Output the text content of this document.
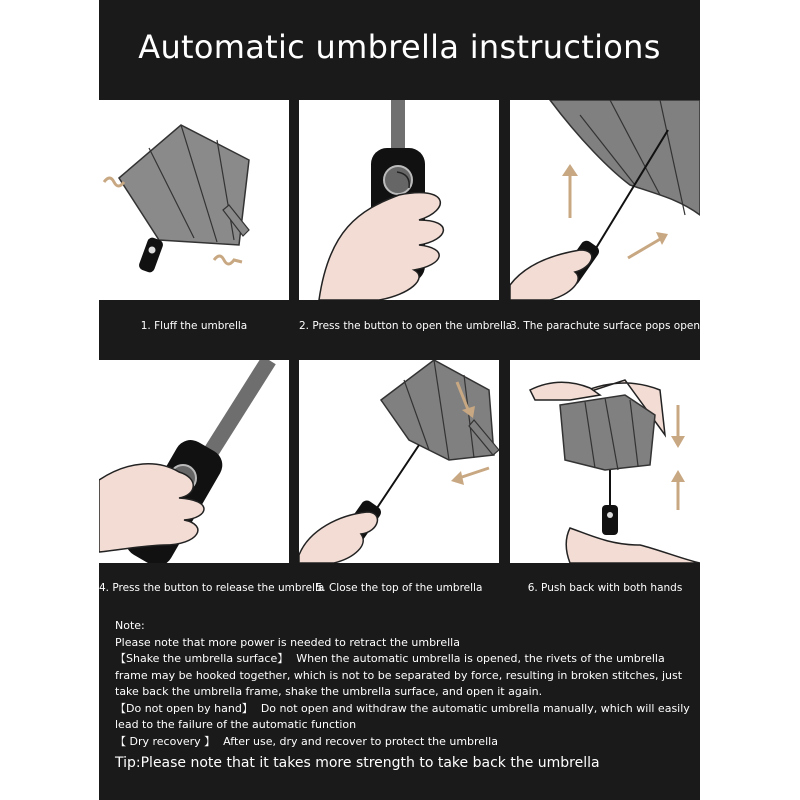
Automatic umbrella instructions
1. Fluff the umbrella	2. Press the button to open the umbrella
3. The parachute surface pops open
4. Press the button to release the umbrella
5. Close the top of the umbrella	6. Push back with both hands

Note:

Please note that more power is needed to retract the umbrella

【Shake the umbrella surface】 When the automatic umbrella is opened, the rivets of the umbrella frame may be hooked together, which is not to be separated by force, resulting in broken stitches, just take back the umbrella frame, shake the umbrella surface, and open it again.

【Do not open by hand】 Do not open and withdraw the automatic umbrella manually, which will easily lead to the failure of the automatic function

【 Dry recovery 】 After use, dry and recover to protect the umbrella

Tip:Please note that it takes more strength to take back the umbrella
